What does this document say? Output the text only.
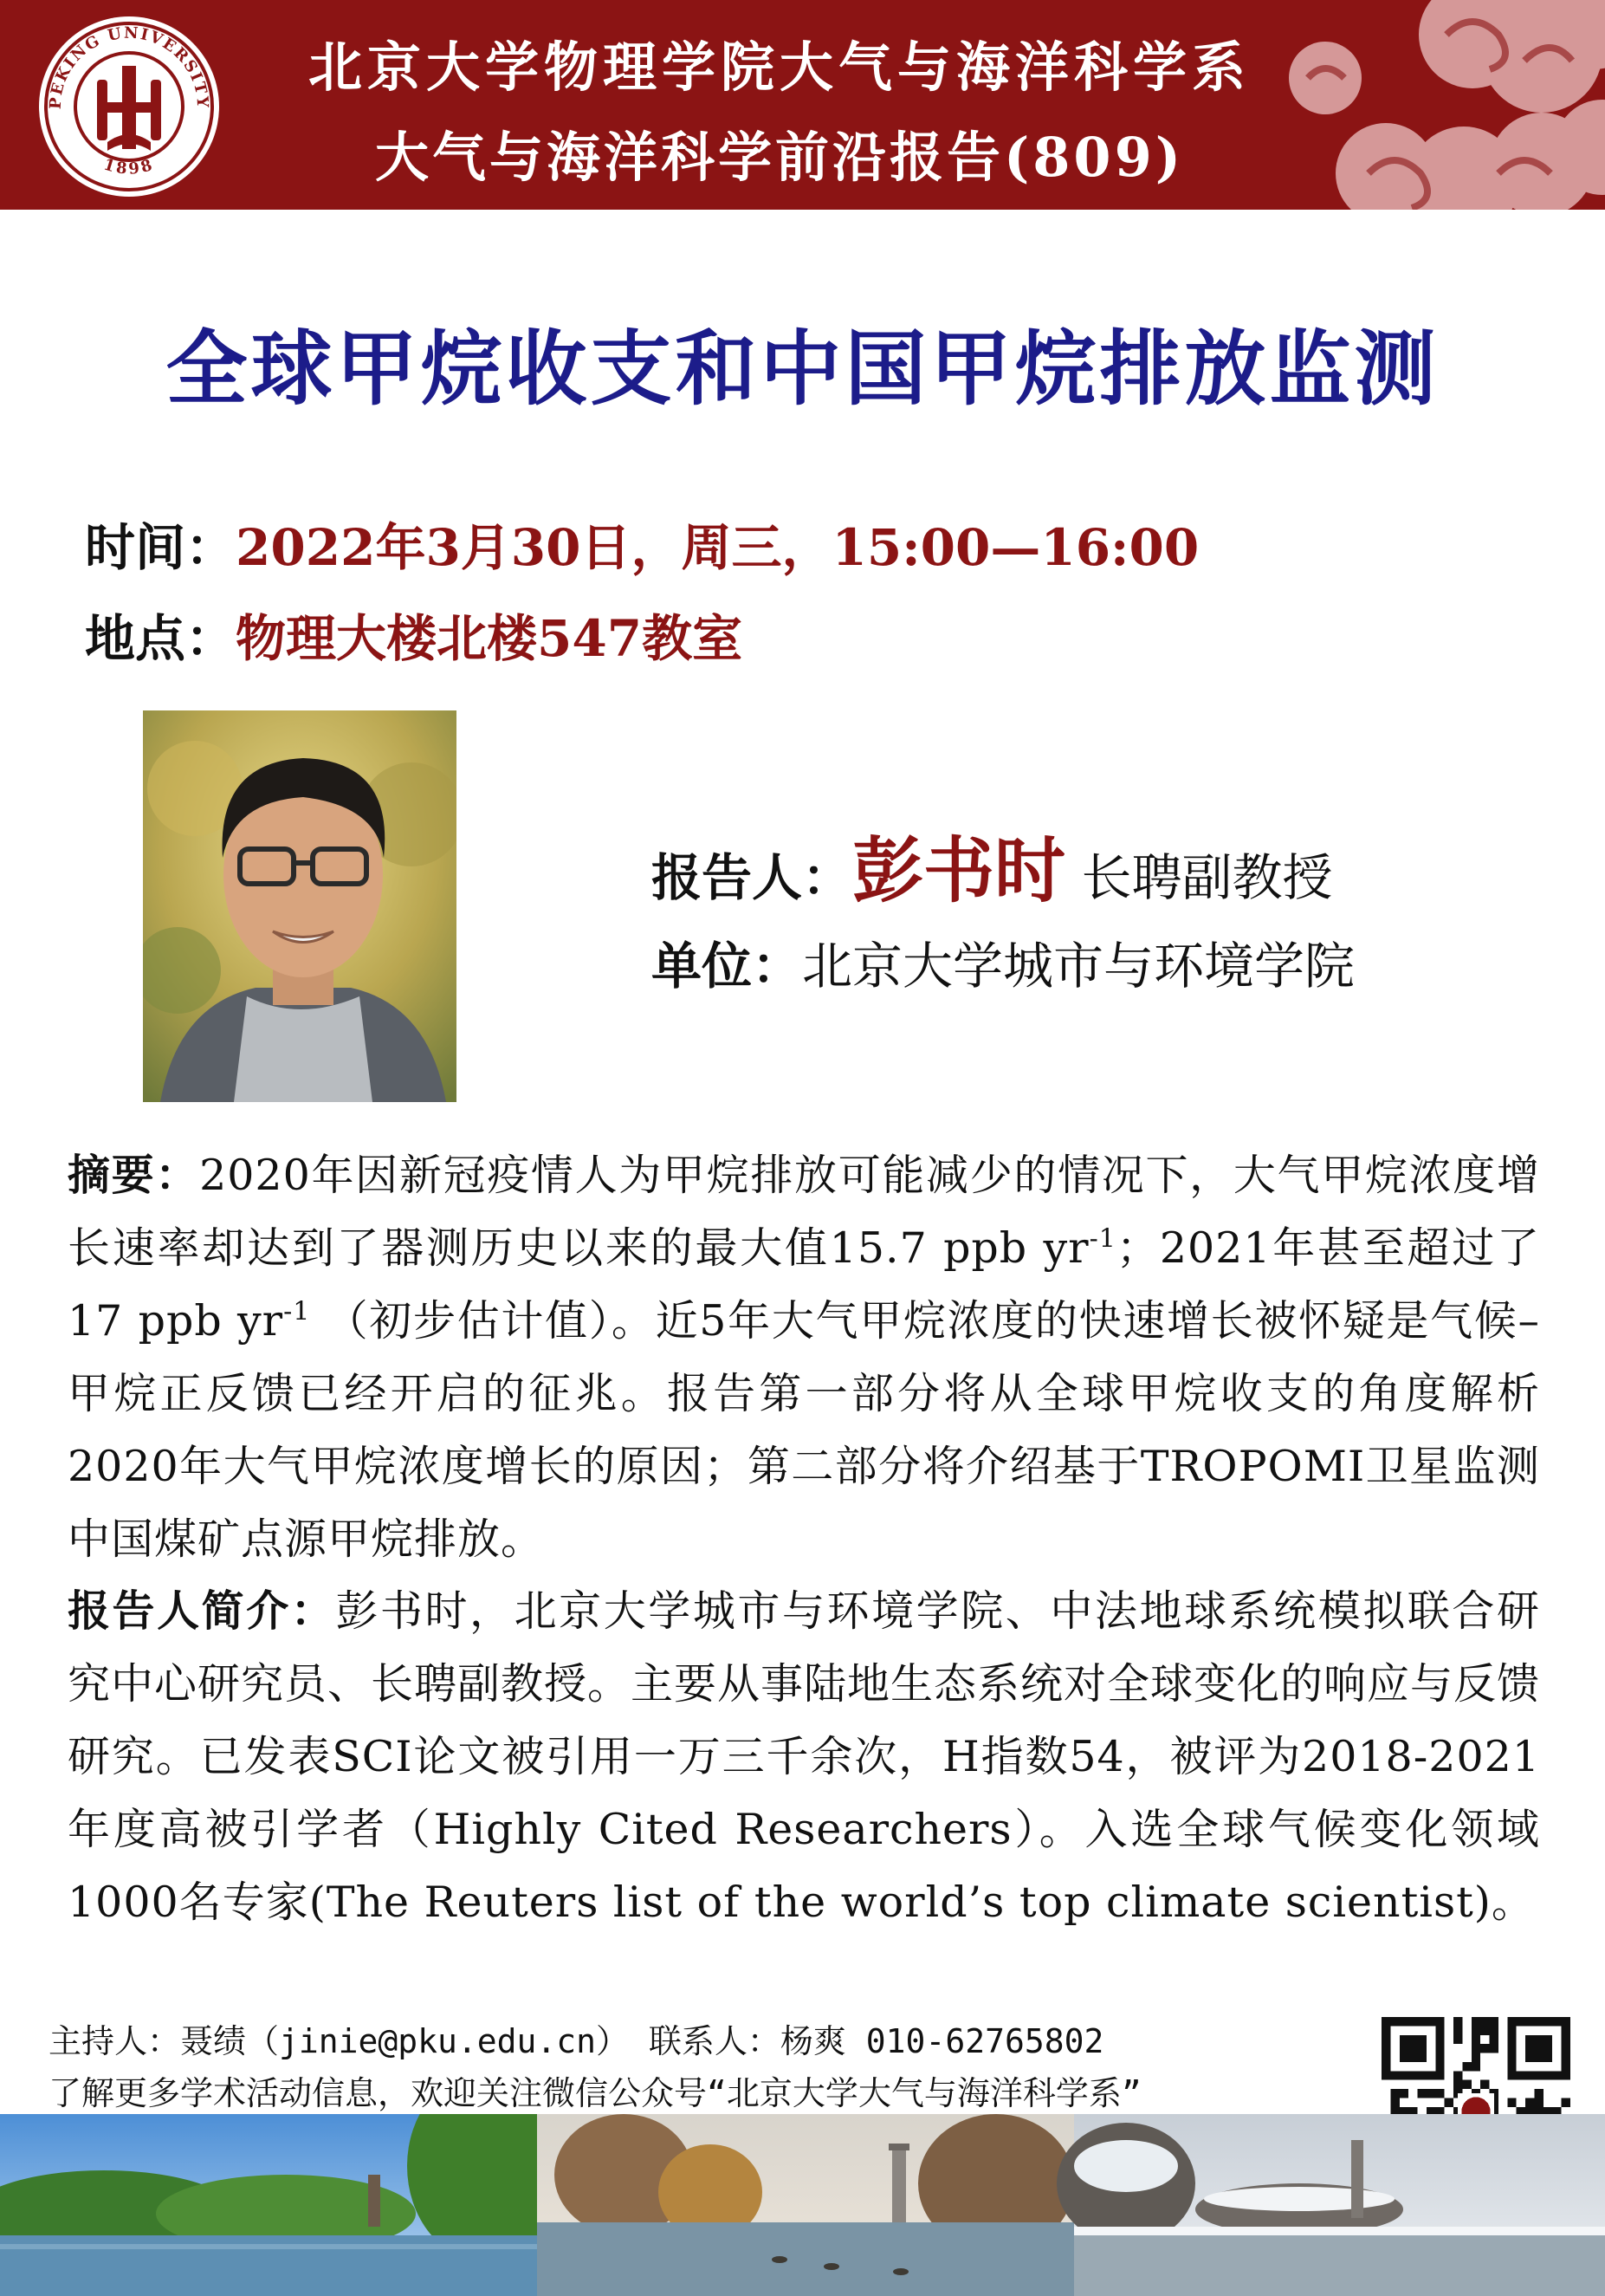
PEKING UNIVERSITY
1898
北京大学物理学院大气与海洋科学系
大气与海洋科学前沿报告(809)
全球甲烷收支和中国甲烷排放监测
时间：2022年3月30日，周三，15:00—16:00
地点：物理大楼北楼547教室
报告人：彭书时 长聘副教授
单位：北京大学城市与环境学院
摘要：2020年因新冠疫情人为甲烷排放可能减少的情况下，大气甲烷浓度增长速率却达到了器测历史以来的最大值15.7 ppb $yr^{-1}$；2021年甚至超过了17 ppb $yr^{-1}$ （初步估计值）。近5年大气甲烷浓度的快速增长被怀疑是气候–甲烷正反馈已经开启的征兆。报告第一部分将从全球甲烷收支的角度解析2020年大气甲烷浓度增长的原因；第二部分将介绍基于TROPOMI卫星监测中国煤矿点源甲烷排放。
报告人简介：彭书时，北京大学城市与环境学院、中法地球系统模拟联合研究中心研究员、长聘副教授。主要从事陆地生态系统对全球变化的响应与反馈研究。已发表SCI论文被引用一万三千余次，H指数54，被评为2018-2021年度高被引学者（Highly Cited Researchers）。入选全球气候变化领域1000名专家(The Reuters list of the world’s top climate scientist)。
主持人：聂绩（jinie@pku.edu.cn） 联系人：杨爽 010-62765802
了解更多学术活动信息，欢迎关注微信公众号“北京大学大气与海洋科学系”
